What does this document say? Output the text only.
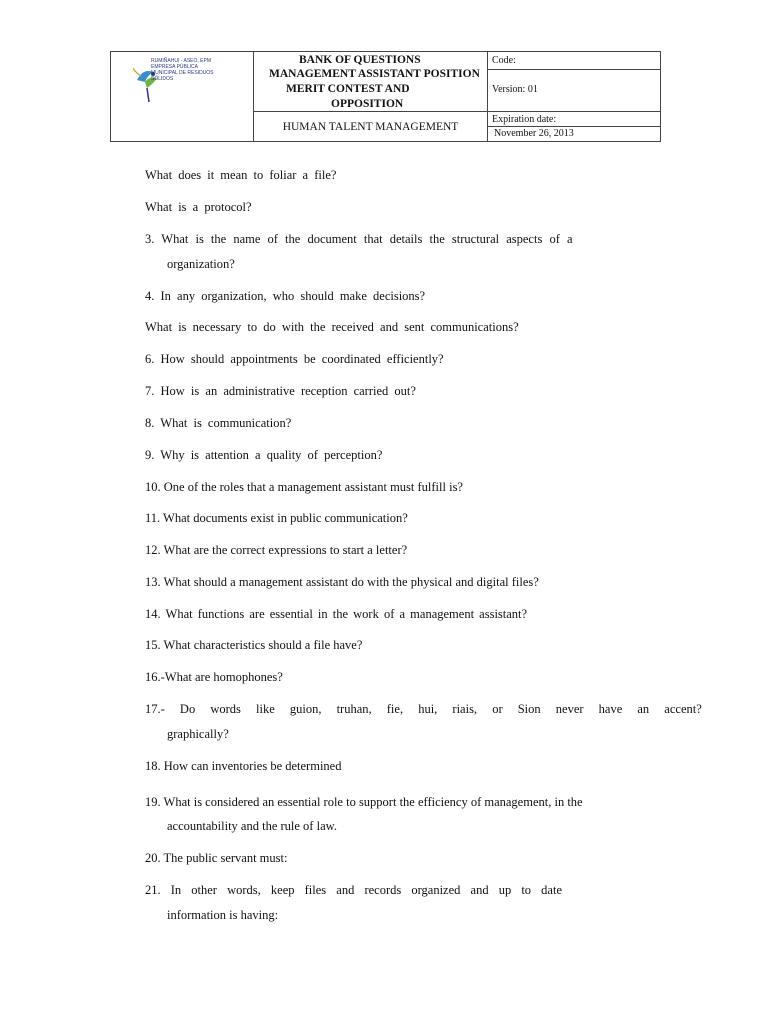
RUMIÑAHUI - ASEO, EPM EMPRESA PÚBLICA MUNICIPAL DE RESIDUOS SÓLIDOS
BANK OF QUESTIONS
MANAGEMENT ASSISTANT POSITION
MERIT CONTEST AND
OPPOSITION
HUMAN TALENT MANAGEMENT
Code:
Version: 01
Expiration date:
November 26, 2013
What does it mean to foliar a file?
What is a protocol?
3. What is the name of the document that details the structural aspects of a
organization?
4. In any organization, who should make decisions?
What is necessary to do with the received and sent communications?
6. How should appointments be coordinated efficiently?
7. How is an administrative reception carried out?
8. What is communication?
9. Why is attention a quality of perception?
10. One of the roles that a management assistant must fulfill is?
11. What documents exist in public communication?
12. What are the correct expressions to start a letter?
13. What should a management assistant do with the physical and digital files?
14. What functions are essential in the work of a management assistant?
15. What characteristics should a file have?
16.-What are homophones?
17.- Do words like guion, truhan, fie, hui, riais, or Sion never have an accent?
graphically?
18. How can inventories be determined
19. What is considered an essential role to support the efficiency of management, in the
accountability and the rule of law.
20. The public servant must:
21. In other words, keep files and records organized and up to date
information is having:
